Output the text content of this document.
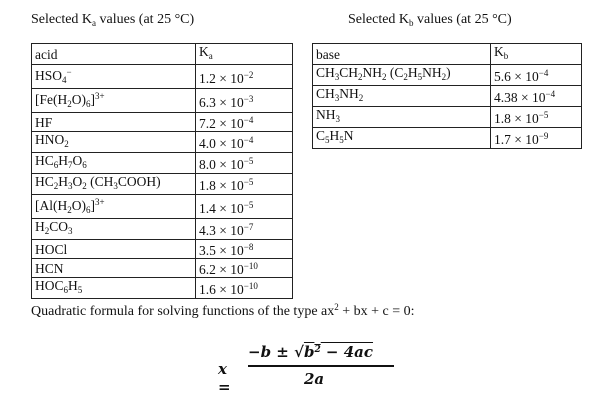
Selected $K_a$ values (at 25 °C)	Selected $K_b$ values (at 25 °C)
acid	$K_a$
$HSO_4^-$	$1.2 \times 10^{-2}$
$[Fe(H_2O)_6]^{3+}$	$6.3 \times 10^{-3}$
HF	$7.2 \times 10^{-4}$
$HNO_2$	$4.0 \times 10^{-4}$
$HC_6H_7O_6$	$8.0 \times 10^{-5}$
$HC_2H_3O_2$ $(CH_3COOH)$	$1.8 \times 10^{-5}$
$[Al(H_2O)_6]^{3+}$	$1.4 \times 10^{-5}$
$H_2CO_3$	$4.3 \times 10^{-7}$
HOCl	$3.5 \times 10^{-8}$
HCN	$6.2 \times 10^{-10}$
$HOC_6H_5$	$1.6 \times 10^{-10}$
base	$K_b$
$CH_3CH_2NH_2$ $(C_2H_5NH_2)$	$5.6 \times 10^{-4}$
$CH_3NH_2$	$4.38 \times 10^{-4}$
$NH_3$	$1.8 \times 10^{-5}$
$C_5H_5N$	$1.7 \times 10^{-9}$
Quadratic formula for solving functions of the type $ax^2$ + bx + c = 0:
x =
$-b \pm √b^2 - 4ac$
2a
